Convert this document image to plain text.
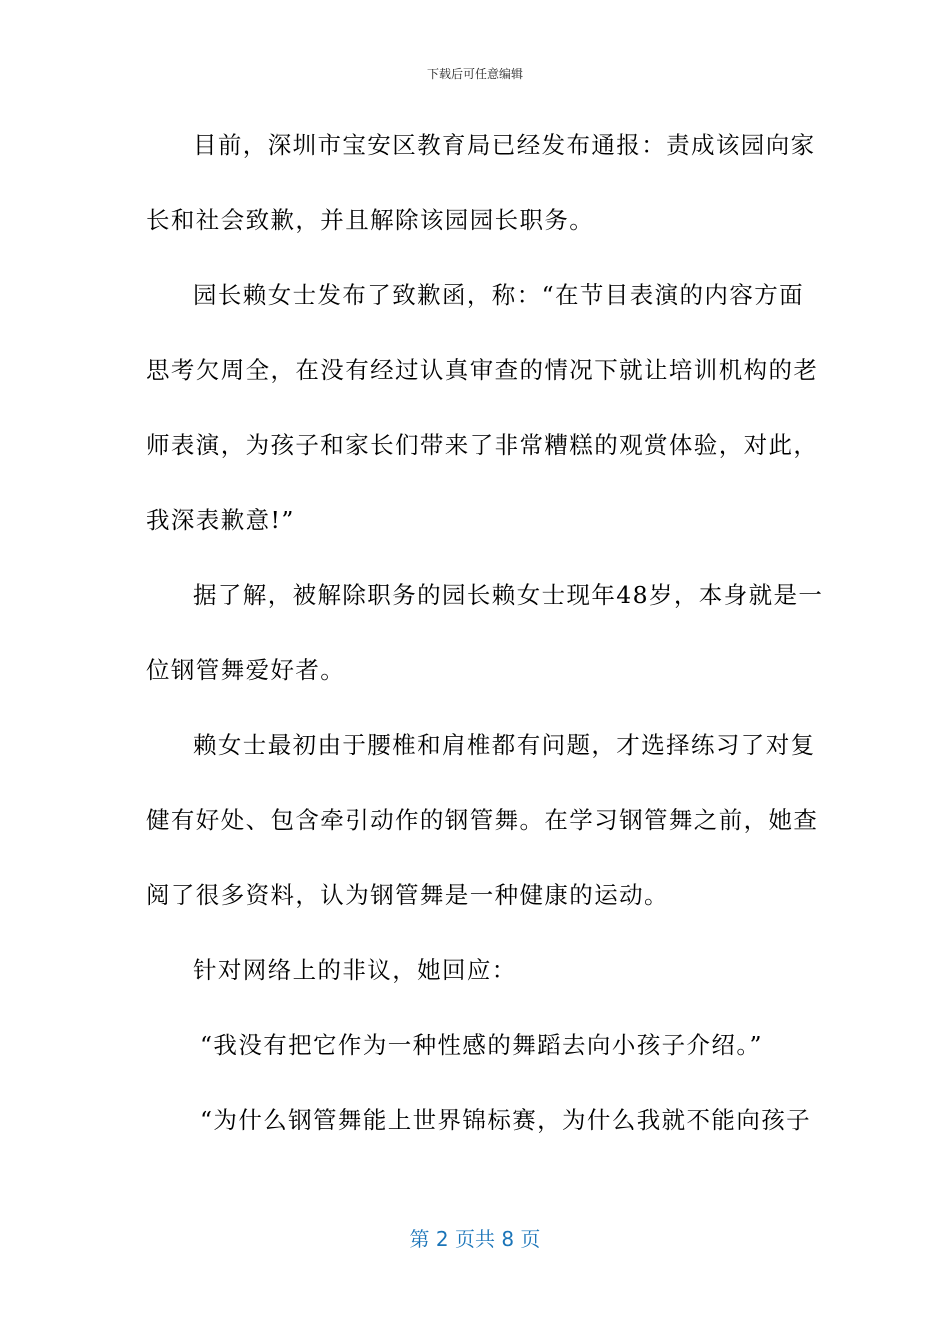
下载后可任意编辑
目前，深圳市宝安区教育局已经发布通报：责成该园向家
长和社会致歉，并且解除该园园长职务。
园长赖女士发布了致歉函，称：“在节目表演的内容方面
思考欠周全，在没有经过认真审查的情况下就让培训机构的老
师表演，为孩子和家长们带来了非常糟糕的观赏体验，对此，
我深表歉意!”
据了解，被解除职务的园长赖女士现年48岁，本身就是一
位钢管舞爱好者。
赖女士最初由于腰椎和肩椎都有问题，才选择练习了对复
健有好处、包含牵引动作的钢管舞。在学习钢管舞之前，她查
阅了很多资料，认为钢管舞是一种健康的运动。
针对网络上的非议，她回应：
“我没有把它作为一种性感的舞蹈去向小孩子介绍。”
“为什么钢管舞能上世界锦标赛，为什么我就不能向孩子
第 2 页共 8 页
